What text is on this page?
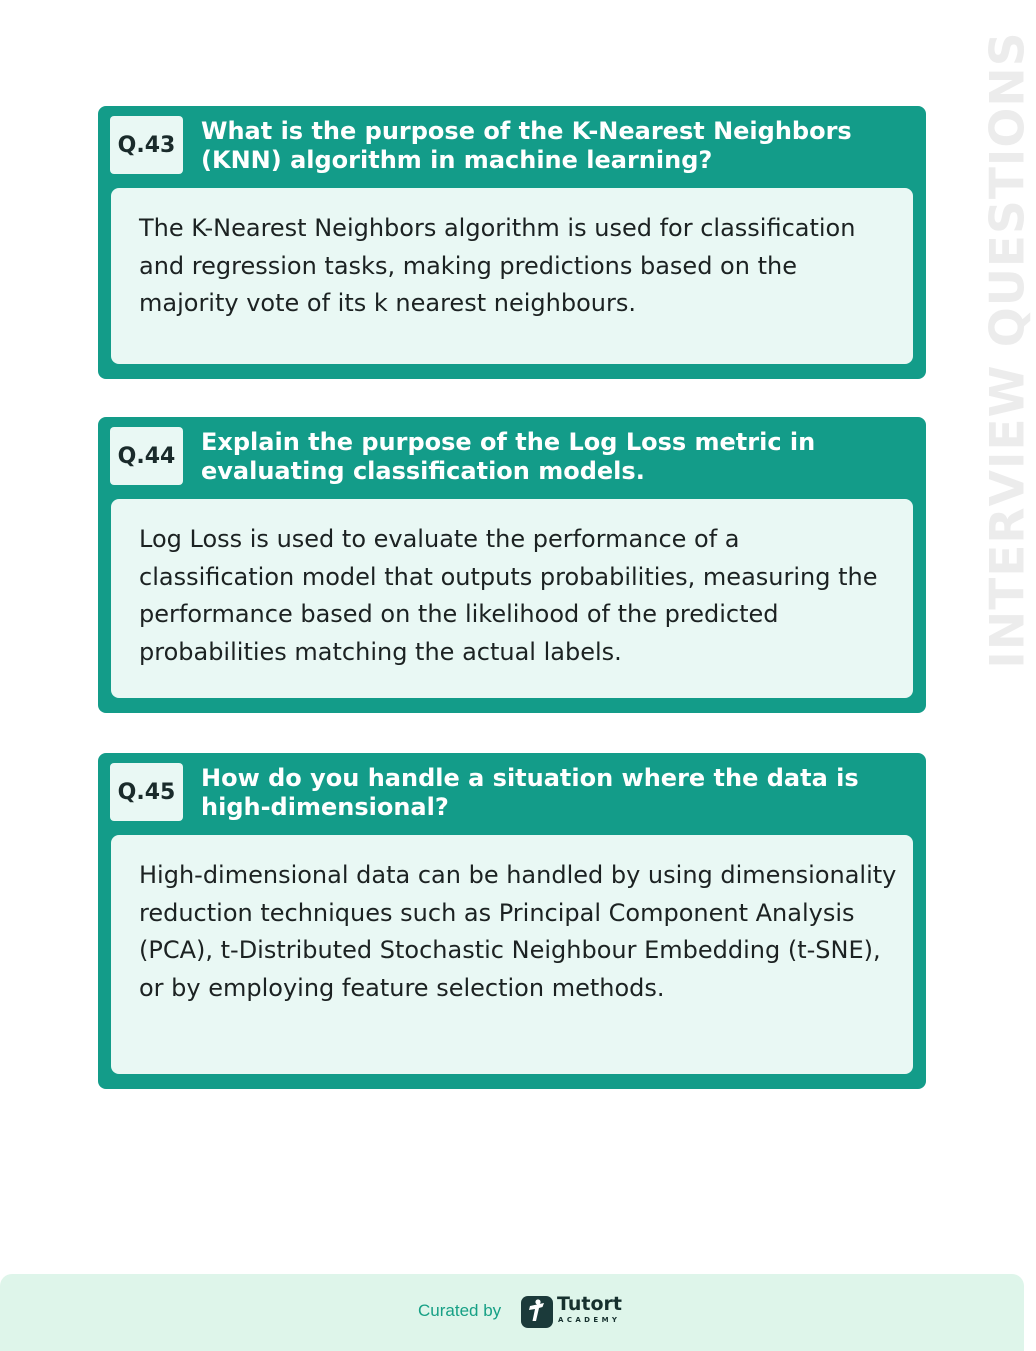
INTERVIEW QUESTIONS
Q.43	What is the purpose of the K-Nearest Neighbors (KNN) algorithm in machine learning?
The K-Nearest Neighbors algorithm is used for classification and regression tasks, making predictions based on the majority vote of its k nearest neighbours.
Q.44	Explain the purpose of the Log Loss metric in evaluating classification models.
Log Loss is used to evaluate the performance of a classification model that outputs probabilities, measuring the performance based on the likelihood of the predicted probabilities matching the actual labels.
Q.45	How do you handle a situation where the data is high-dimensional?
High-dimensional data can be handled by using dimensionality reduction techniques such as Principal Component Analysis (PCA), t-Distributed Stochastic Neighbour Embedding (t-SNE), or by employing feature selection methods.
Curated by	Tutort
ACADEMY
